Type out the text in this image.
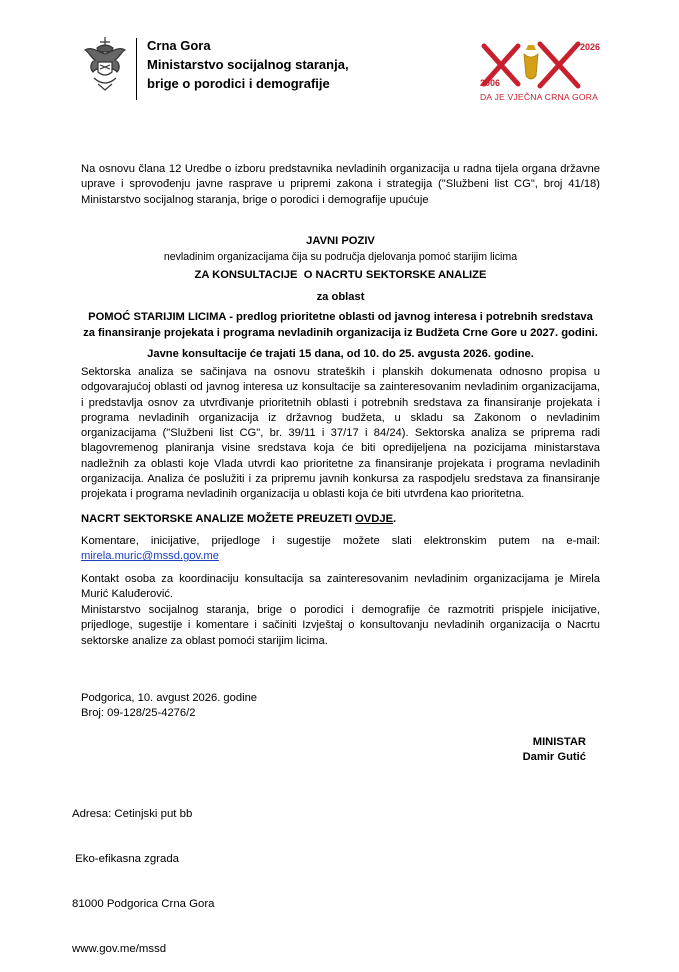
Crna Gora
Ministarstvo socijalnog staranja,
brige o porodici i demografije
2026
2006
DA JE VJEČNA CRNA GORA
Na osnovu člana 12 Uredbe o izboru predstavnika nevladinih organizacija u radna tijela organa državne uprave i sprovođenju javne rasprave u pripremi zakona i strategija ("Službeni list CG", broj 41/18) Ministarstvo socijalnog staranja, brige o porodici i demografije upućuje
JAVNI POZIV
nevladinim organizacijama čija su područja djelovanja pomoć starijim licima
ZA KONSULTACIJE  O NACRTU SEKTORSKE ANALIZE
za oblast
POMOĆ STARIJIM LICIMA - predlog prioritetne oblasti od javnog interesa i potrebnih sredstava za finansiranje projekata i programa nevladinih organizacija iz Budžeta Crne Gore u 2027. godini.
Javne konsultacije će trajati 15 dana, od 10. do 25. avgusta 2026. godine.
Sektorska analiza se sačinjava na osnovu strateških i planskih dokumenata odnosno propisa u odgovarajućoj oblasti od javnog interesa uz konsultacije sa zainteresovanim nevladinim organizacijama, i predstavlja osnov za utvrđivanje prioritetnih oblasti i potrebnih sredstava za finansiranje projekata i programa nevladinih organizacija iz državnog budžeta, u skladu sa Zakonom o nevladinim organizacijama ("Službeni list CG", br. 39/11 i 37/17 i 84/24). Sektorska analiza se priprema radi blagovremenog planiranja visine sredstava koja će biti opredijeljena na pozicijama ministarstava nadležnih za oblasti koje Vlada utvrdi kao prioritetne za finansiranje projekata i programa nevladinih organizacija. Analiza će poslužiti i za pripremu javnih konkursa za raspodjelu sredstava za finansiranje projekata i programa nevladinih organizacija u oblasti koja će biti utvrđena kao prioritetna.
NACRT SEKTORSKE ANALIZE MOŽETE PREUZETI OVDJE.
Komentare, inicijative, prijedloge i sugestije možete slati elektronskim putem na e-mail: mirela.muric@mssd.gov.me
Kontakt osoba za koordinaciju konsultacija sa zainteresovanim nevladinim organizacijama je Mirela Murić Kaluđerović.
Ministarstvo socijalnog staranja, brige o porodici i demografije će razmotriti prispjele inicijative, prijedloge, sugestije i komentare i sačiniti Izvještaj o konsultovanju nevladinih organizacija o Nacrtu sektorske analize za oblast pomoći starijim licima.
Podgorica, 10. avgust 2026. godine
Broj: 09-128/25-4276/2
MINISTAR
Damir Gutić

Adresa: Cetinjski put bb

Eko-efikasna zgrada

81000 Podgorica Crna Gora

www.gov.me/mssd
